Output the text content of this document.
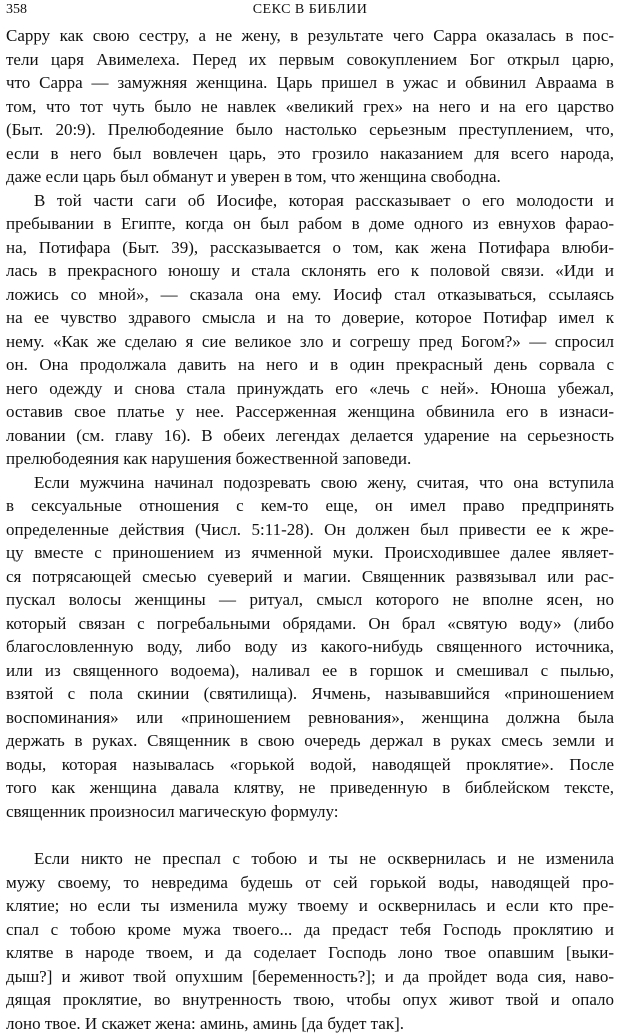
358	СЕКС В БИБЛИИ
Сарру как свою сестру, а не жену, в результате чего Сарра оказалась в пос-
тели царя Авимелеха. Перед их первым совокуплением Бог открыл царю,
что Сарра — замужняя женщина. Царь пришел в ужас и обвинил Авраама в
том, что тот чуть было не навлек «великий грех» на него и на его царство
(Быт. 20:9). Прелюбодеяние было настолько серьезным преступлением, что,
если в него был вовлечен царь, это грозило наказанием для всего народа,
даже если царь был обманут и уверен в том, что женщина свободна.
В той части саги об Иосифе, которая рассказывает о его молодости и
пребывании в Египте, когда он был рабом в доме одного из евнухов фарао-
на, Потифара (Быт. 39), рассказывается о том, как жена Потифара влюби-
лась в прекрасного юношу и стала склонять его к половой связи. «Иди и
ложись со мной», — сказала она ему. Иосиф стал отказываться, ссылаясь
на ее чувство здравого смысла и на то доверие, которое Потифар имел к
нему. «Как же сделаю я сие великое зло и согрешу пред Богом?» — спросил
он. Она продолжала давить на него и в один прекрасный день сорвала с
него одежду и снова стала принуждать его «лечь с ней». Юноша убежал,
оставив свое платье у нее. Рассерженная женщина обвинила его в изнаси-
ловании (см. главу 16). В обеих легендах делается ударение на серьезность
прелюбодеяния как нарушения божественной заповеди.
Если мужчина начинал подозревать свою жену, считая, что она вступила
в сексуальные отношения с кем-то еще, он имел право предпринять
определенные действия (Числ. 5:11-28). Он должен был привести ее к жре-
цу вместе с приношением из ячменной муки. Происходившее далее являет-
ся потрясающей смесью суеверий и магии. Священник развязывал или рас-
пускал волосы женщины — ритуал, смысл которого не вполне ясен, но
который связан с погребальными обрядами. Он брал «святую воду» (либо
благословленную воду, либо воду из какого-нибудь священного источника,
или из священного водоема), наливал ее в горшок и смешивал с пылью,
взятой с пола скинии (святилища). Ячмень, называвшийся «приношением
воспоминания» или «приношением ревнования», женщина должна была
держать в руках. Священник в свою очередь держал в руках смесь земли и
воды, которая называлась «горькой водой, наводящей проклятие». После
того как женщина давала клятву, не приведенную в библейском тексте,
священник произносил магическую формулу:
Если никто не преспал с тобою и ты не осквернилась и не изменила
мужу своему, то невредима будешь от сей горькой воды, наводящей про-
клятие; но если ты изменила мужу твоему и осквернилась и если кто пре-
спал с тобою кроме мужа твоего... да предаст тебя Господь проклятию и
клятве в народе твоем, и да соделает Господь лоно твое опавшим [выки-
дыш?] и живот твой опухшим [беременность?]; и да пройдет вода сия, наво-
дящая проклятие, во внутренность твою, чтобы опух живот твой и опало
лоно твое. И скажет жена: аминь, аминь [да будет так].
